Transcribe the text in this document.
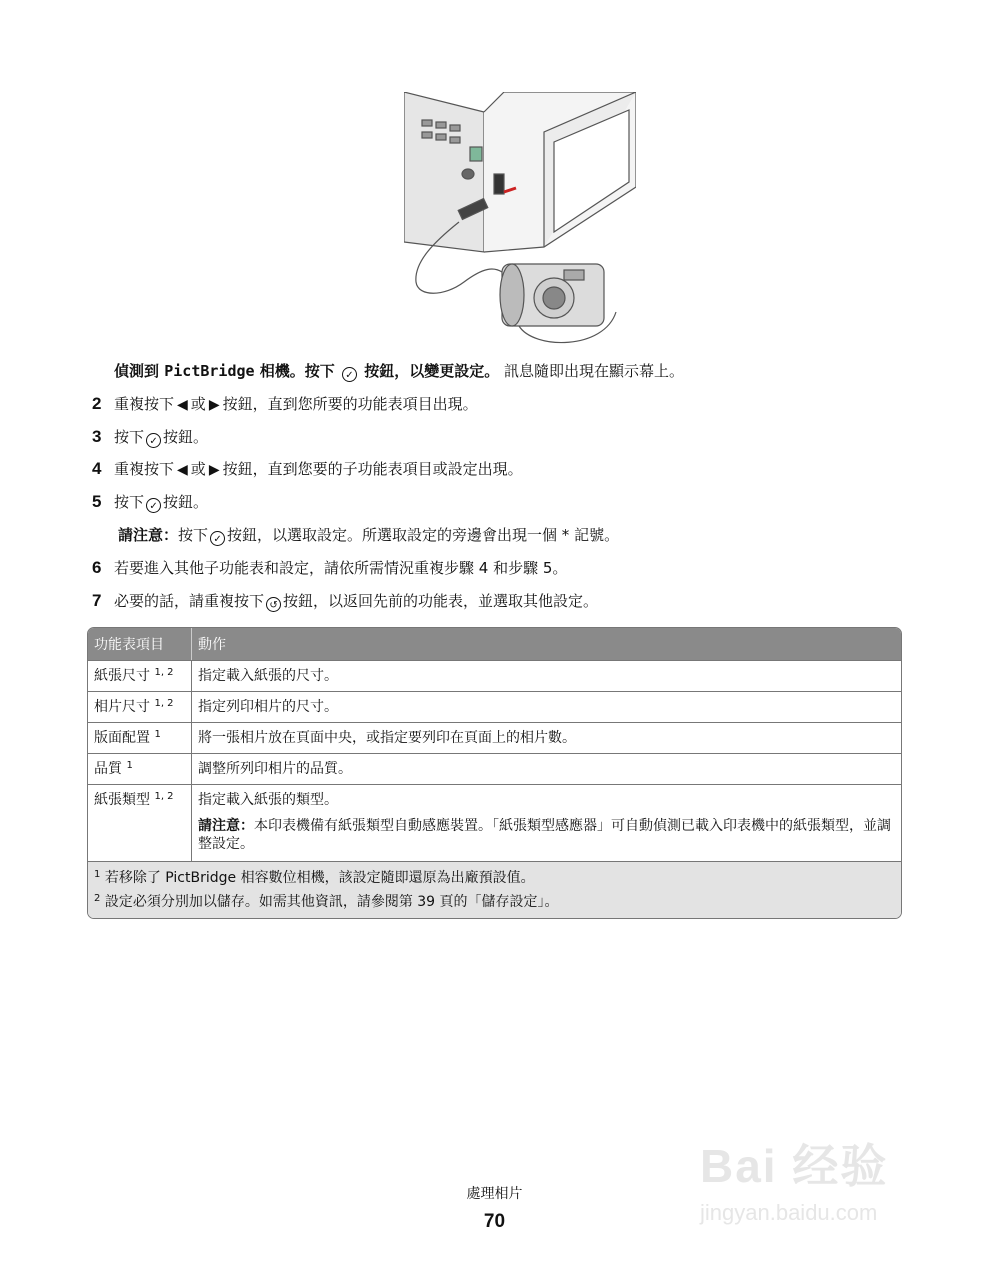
偵測到 PictBridge 相機。按下 ✓ 按鈕，以變更設定。 訊息隨即出現在顯示幕上。
2 重複按下 ◀ 或 ▶ 按鈕，直到您所要的功能表項目出現。
3 按下 ✓ 按鈕。
4 重複按下 ◀ 或 ▶ 按鈕，直到您要的子功能表項目或設定出現。
5 按下 ✓ 按鈕。
請注意：按下 ✓ 按鈕，以選取設定。所選取設定的旁邊會出現一個 * 記號。
6 若要進入其他子功能表和設定，請依所需情況重複步驟 4 和步驟 5。
7 必要的話，請重複按下 ↺ 按鈕，以返回先前的功能表，並選取其他設定。
功能表項目	動作
紙張尺寸 $^{1, 2}$	指定載入紙張的尺寸。
相片尺寸 $^{1, 2}$	指定列印相片的尺寸。
版面配置 $^1$	將一張相片放在頁面中央，或指定要列印在頁面上的相片數。
品質 $^1$	調整所列印相片的品質。
紙張類型 $^{1, 2}$	指定載入紙張的類型。
請注意：本印表機備有紙張類型自動感應裝置。「紙張類型感應器」可自動偵測已載入印表機中的紙張類型，並調整設定。

$^1$ 若移除了 PictBridge 相容數位相機，該設定隨即還原為出廠預設值。
$^2$ 設定必須分別加以儲存。如需其他資訊，請參閱第 39 頁的「儲存設定」。	
處理相片
70
Bai 经验
jingyan.baidu.com
